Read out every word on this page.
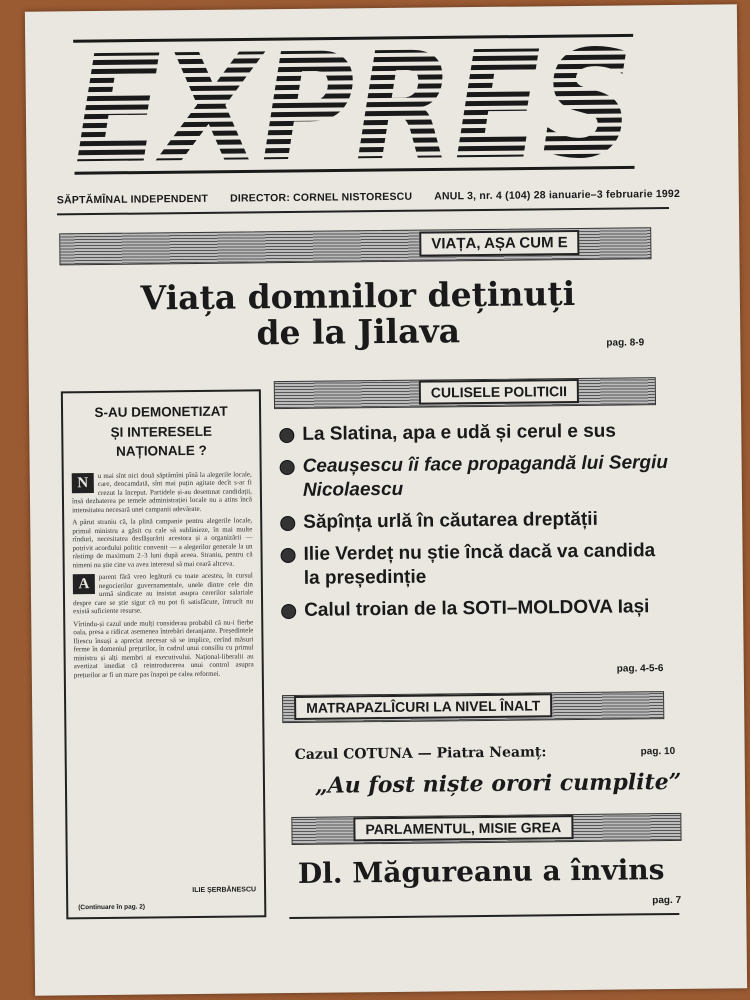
SĂPTĂMÎNAL INDEPENDENT DIRECTOR: CORNEL NISTORESCU ANUL 3, nr. 4 (104) 28 ianuarie–3 februarie 1992
VIAȚA, AȘA CUM E
Viața domnilor deținuți
de la Jilava	pag. 8-9
S-AU DEMONETIZAT
ȘI INTERESELE NAȚIONALE ?

N	u mai sînt nici două săptămîni pînă la alegerile locale, care, deocamdată, sînt mai puțin agitate decît s-ar fi crezut la început. Partidele și-au desemnat candidații, însă dezbaterea pe temele administrației locale nu a atins încă intensitatea necesară unei campanii adevărate.

A părut straniu că, la plină campanie pentru alegerile locale, primul ministru a găsit cu cale să sublinieze, în mai multe rînduri, necesitatea desfășurării acestora și a organizării — potrivit acordului politic convenit — a alegerilor generale la un răstimp de maximum 2–3 luni după aceea. Straniu, pentru că nimeni nu știe cine va avea interesul să mai ceară altceva.

A	parent fără vreo legătură cu toate acestea, în cursul negocierilor guvernamentale, unele dintre cele din urmă sindicate au insistat asupra cererilor salariale despre care se știe sigur că nu pot fi satisfăcute, întrucît nu există suficiente resurse.

Vîrtindu-și cazul unde mulți considerau probabil că nu-i fierbe oala, presa a ridicat asemenea întrebări deranjante. Președintele Iliescu însuși a apreciat necesar să se implice, cerînd măsuri ferme în domeniul prețurilor, în cadrul unui consiliu cu primul ministru și alți membri ai executivului. Național-liberalii au avertizat imediat că reintroducerea unui control asupra prețurilor ar fi un mare pas înapoi pe calea reformei.

ILIE ȘERBĂNESCU
(Continuare în pag. 2)
CULISELE POLITICII
La Slatina, apa e udă și cerul e sus
Ceaușescu îi face propagandă lui Sergiu Nicolaescu
Săpînța urlă în căutarea dreptății
Ilie Verdeț nu știe încă dacă va candida la președinție
Calul troian de la SOTI–MOLDOVA Iași
pag. 4-5-6
MATRAPAZLÎCURI LA NIVEL ÎNALT
Cazul COTUNA — Piatra Neamț:	pag. 10
„Au fost niște orori cumplite”
PARLAMENTUL, MISIE GREA
Dl. Măgureanu a învins
pag. 7
